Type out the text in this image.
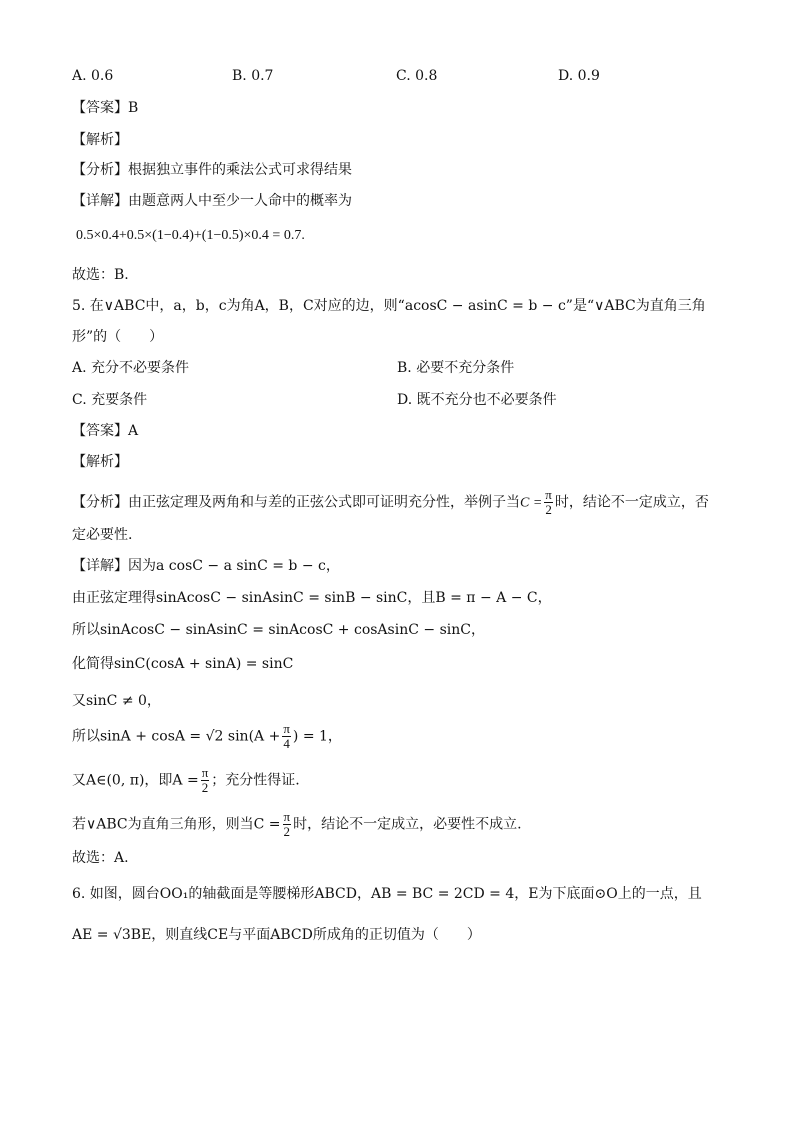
A. 0.6	B. 0.7	C. 0.8	D. 0.9
【答案】B
【解析】
【分析】根据独立事件的乘法公式可求得结果
【详解】由题意两人中至少一人命中的概率为
0.5×0.4+0.5×(1−0.4)+(1−0.5)×0.4 = 0.7.
故选：B.
5. 在∨ABC中，a，b，c为角A，B，C对应的边，则“acosC − asinC = b − c”是“∨ABC为直角三角
形”的（　　）
A. 充分不必要条件	B. 必要不充分条件
C. 充要条件	D. 既不充分也不必要条件
【答案】A
【解析】
【分析】由正弦定理及两角和与差的正弦公式即可证明充分性，举例子当$C = \frac{\pi}{2}$ 时，结论不一定成立，否
定必要性.
【详解】因为a cosC − a sinC = b − c，
由正弦定理得sinAcosC − sinAsinC = sinB − sinC，且B = π − A − C，
所以sinAcosC − sinAsinC = sinAcosC + cosAsinC − sinC，
化简得sinC(cosA + sinA) = sinC
又sinC ≠ 0，
所以sinA + cosA = √2 $\sin(A + \frac{\pi}{4}$ ) = 1，
又A∈(0, π)，即$A = \frac{\pi}{2}$ ；充分性得证.
若∨ABC为直角三角形，则当$C = \frac{\pi}{2}$ 时，结论不一定成立，必要性不成立.
故选：A.
6. 如图，圆台OO₁的轴截面是等腰梯形ABCD，AB = BC = 2CD = 4，E为下底面⊙O上的一点，且
AE = √3BE，则直线CE与平面ABCD所成角的正切值为（　　）
